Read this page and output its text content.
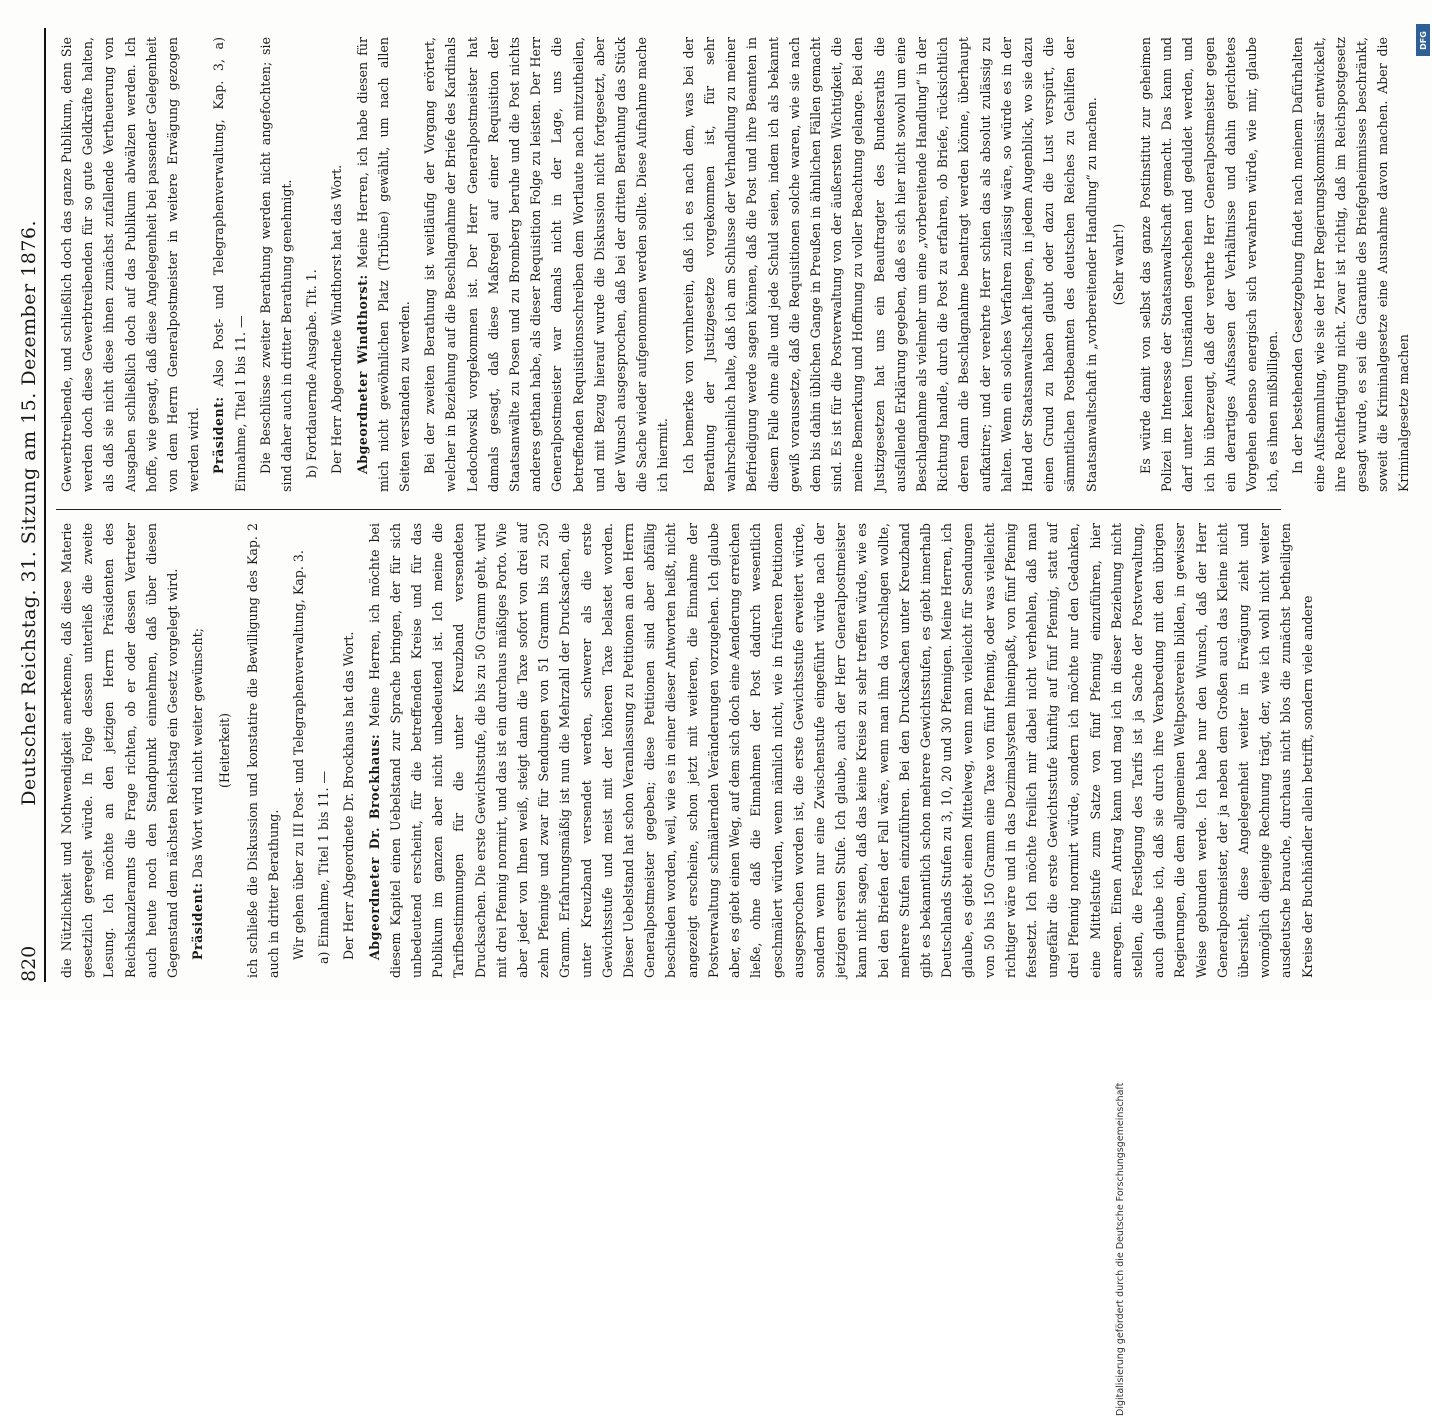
820
Deutscher Reichstag. 31. Sitzung am 15. Dezember 1876. die Nützlichkeit und Nothwendigkeit anerkenne, daß diese Materie gesetzlich geregelt würde. In Folge dessen unterließ die zweite Lesung. Ich möchte an den jetzigen Herrn Präsidenten des Reichskanzleramts die Frage richten, ob er oder dessen Vertreter auch heute noch den Standpunkt einnehmen, daß über diesen Gegenstand dem nächsten Reichstag ein Gesetz vorgelegt wird. Präsident: Das Wort wird nicht weiter gewünscht; (Heiterkeit) ich schließe die Diskussion und konstatire die Bewilligung des Kap. 2 auch in dritter Berathung. Wir gehen über zu III Post- und Telegraphenverwaltung, Kap. 3. a) Einnahme, Titel 1 bis 11. — Der Herr Abgeordnete Dr. Brockhaus hat das Wort. Abgeordneter Dr. Brockhaus: Meine Herren, ich möchte bei diesem Kapitel einen Uebelstand zur Sprache bringen, der für sich unbedeutend erscheint, für die betreffenden Kreise und für das Publikum im ganzen aber nicht unbedeutend ist. Ich meine die Tarifbestimmungen für die unter Kreuzband versendeten Drucksachen. Die erste Gewichtsstufe, die bis zu 50 Gramm geht, wird mit drei Pfennig normirt, und das ist ein durchaus mäßiges Porto. Wie aber jeder von Ihnen weiß, steigt dann die Taxe sofort von drei auf zehn Pfennige und zwar für Sendungen von 51 Gramm bis zu 250 Gramm. Erfahrungsmäßig ist nun die Mehrzahl der Drucksachen, die unter Kreuzband versendet werden, schwerer als die erste Gewichtsstufe und meist mit der höheren Taxe belastet worden. Dieser Uebelstand hat schon Veranlassung zu Petitionen an den Herrn Generalpostmeister gegeben; diese Petitionen sind aber abfällig beschieden worden, weil, wie es in einer dieser Antworten heißt, nicht angezeigt erscheine, schon jetzt mit weiteren, die Einnahme der Postverwaltung schmälernden Veränderungen vorzugehen. Ich glaube aber, es giebt einen Weg, auf dem sich doch eine Aenderung erreichen ließe, ohne daß die Einnahmen der Post dadurch wesentlich geschmälert würden, wenn nämlich nicht, wie in früheren Petitionen ausgesprochen worden ist, die erste Gewichtsstufe erweitert würde, sondern wenn nur eine Zwischenstufe eingeführt würde nach der jetzigen ersten Stufe. Ich glaube, auch der Herr Generalpostmeister kann nicht sagen, daß das keine Kreise zu sehr treffen würde, wie es bei den Briefen der Fall wäre, wenn man ihm da vorschlagen wollte, mehrere Stufen einzuführen. Bei den Drucksachen unter Kreuzband gibt es bekanntlich schon mehrere Gewichtsstufen, es giebt innerhalb Deutschlands Stufen zu 3, 10, 20 und 30 Pfennigen. Meine Herren, ich glaube, es giebt einen Mittelweg, wenn man vielleicht für Sendungen von 50 bis 150 Gramm eine Taxe von fünf Pfennig, oder was vielleicht richtiger wäre und in das Dezimalsystem hineinpaßt, von fünf Pfennig festsetzt. Ich möchte freilich mir dabei nicht verhehlen, daß man ungefähr die erste Gewichtsstufe künftig auf fünf Pfennig, statt auf drei Pfennig normirt würde, sondern ich möchte nur den Gedanken, eine Mittelstufe zum Satze von fünf Pfennig einzuführen, hier anregen. Einen Antrag kann und mag ich in dieser Beziehung nicht stellen, die Festlegung des Tarifs ist ja Sache der Postverwaltung, auch glaube ich, daß sie durch ihre Verabredung mit den übrigen Regierungen, die dem allgemeinen Weltpostverein bilden, in gewisser Weise gebunden werde. Ich habe nur den Wunsch, daß der Herr Generalpostmeister, der ja neben dem Großen auch das Kleine nicht übersieht, diese Angelegenheit weiter in Erwägung zieht und womöglich diejenige Rechnung trägt, der, wie ich wohl nicht weiter ausdeutsche brauche, durchaus nicht blos die zunächst betheiligten Kreise der Buchhändler allein betrifft, sondern viele andere

Gewerbtreibende, und schließlich doch das ganze Publikum, denn Sie werden doch diese Gewerbtreibenden für so gute Geldkräfte halten, als daß sie nicht diese ihnen zunächst zufallende Vertheuerung von Ausgaben schließlich doch auf das Publikum abwälzen werden. Ich hoffe, wie gesagt, daß diese Angelegenheit bei passender Gelegenheit von dem Herrn Generalpostmeister in weitere Erwägung gezogen werden wird. Präsident: Also Post- und Telegraphenverwaltung, Kap. 3, a) Einnahme, Titel 1 bis 11. — Die Beschlüsse zweiter Berathung werden nicht angefochten; sie sind daher auch in dritter Berathung genehmigt. b) Fortdauernde Ausgabe. Tit. 1. Der Herr Abgeordnete Windthorst hat das Wort. Abgeordneter Windthorst: Meine Herren, ich habe diesen für mich nicht gewöhnlichen Platz (Tribüne) gewählt, um nach allen Seiten verstanden zu werden. Bei der zweiten Berathung ist weitläufig der Vorgang erörtert, welcher in Beziehung auf die Beschlagnahme der Briefe des Kardinals Ledochowski vorgekommen ist. Der Herr Generalpostmeister hat damals gesagt, daß diese Maßregel auf einer Requisition der Staatsanwälte zu Posen und zu Bromberg beruhe und die Post nichts anderes gethan habe, als dieser Requisition Folge zu leisten. Der Herr Generalpostmeister war damals nicht in der Lage, uns die betreffenden Requisitionsschreiben dem Wortlaute nach mitzutheilen, und mit Bezug hierauf wurde die Diskussion nicht fortgesetzt, aber der Wunsch ausgesprochen, daß bei der dritten Berathung das Stück die Sache wieder aufgenommen werden sollte. Diese Aufnahme mache ich hiermit. Ich bemerke von vornherein, daß ich es nach dem, was bei der Berathung der Justizgesetze vorgekommen ist, für sehr wahrscheinlich halte, daß ich am Schlusse der Verhandlung zu meiner Befriedigung werde sagen können, daß die Post und ihre Beamten in diesem Falle ohne alle und jede Schuld seien, indem ich als bekannt gewiß voraussetze, daß die Requisitionen solche waren, wie sie nach dem bis dahin üblichen Gange in Preußen in ähnlichen Fällen gemacht sind. Es ist für die Postverwaltung von der äußersten Wichtigkeit, die meine Bemerkung und Hoffnung zu voller Beachtung gelange. Bei den Justizgesetzen hat uns ein Beauftragter des Bundesraths die ausfallende Erklärung gegeben, daß es sich hier nicht sowohl um eine Beschlagnahme als vielmehr um eine „vorbereitende Handlung“ in der Richtung handle, durch die Post zu erfahren, ob Briefe, rücksichtlich deren dann die Beschlagnahme beantragt werden könne, überhaupt aufkatirer; und der verehrte Herr schien das als absolut zulässig zu halten. Wenn ein solches Verfahren zulässig wäre, so würde es in der Hand der Staatsanwaltschaft liegen, in jedem Augenblick, wo sie dazu einen Grund zu haben glaubt oder dazu die Lust verspürt, die sämmtlichen Postbeamten des deutschen Reiches zu Gehilfen der Staatsanwaltschaft in „vorbereitender Handlung“ zu machen. (Sehr wahr!) Es würde damit von selbst das ganze Postinstitut zur geheimen Polizei im Interesse der Staatsanwaltschaft gemacht. Das kann und darf unter keinen Umständen geschehen und geduldet werden, und ich bin überzeugt, daß der verehrte Herr Generalpostmeister gegen ein derartiges Aufsassen der Verhältnisse und dahin gerichtetes Vorgehen ebenso energisch sich verwahren würde, wie mir, glaube ich, es ihnen mißbilligen. In der bestehenden Gesetzgebung findet nach meinem Dafürhalten eine Aufsammlung, wie sie der Herr Regierungskommissär entwickelt, ihre Rechtfertigung nicht. Zwar ist richtig, daß im Reichspostgesetz gesagt wurde, es sei die Garantie des Briefgeheimnisses beschränkt, soweit die Kriminalgesetze eine Ausnahme davon machen. Aber die Kriminalgesetze machen

Digitalisierung gefördert durch die Deutsche Forschungsgemeinschaft
DFG
